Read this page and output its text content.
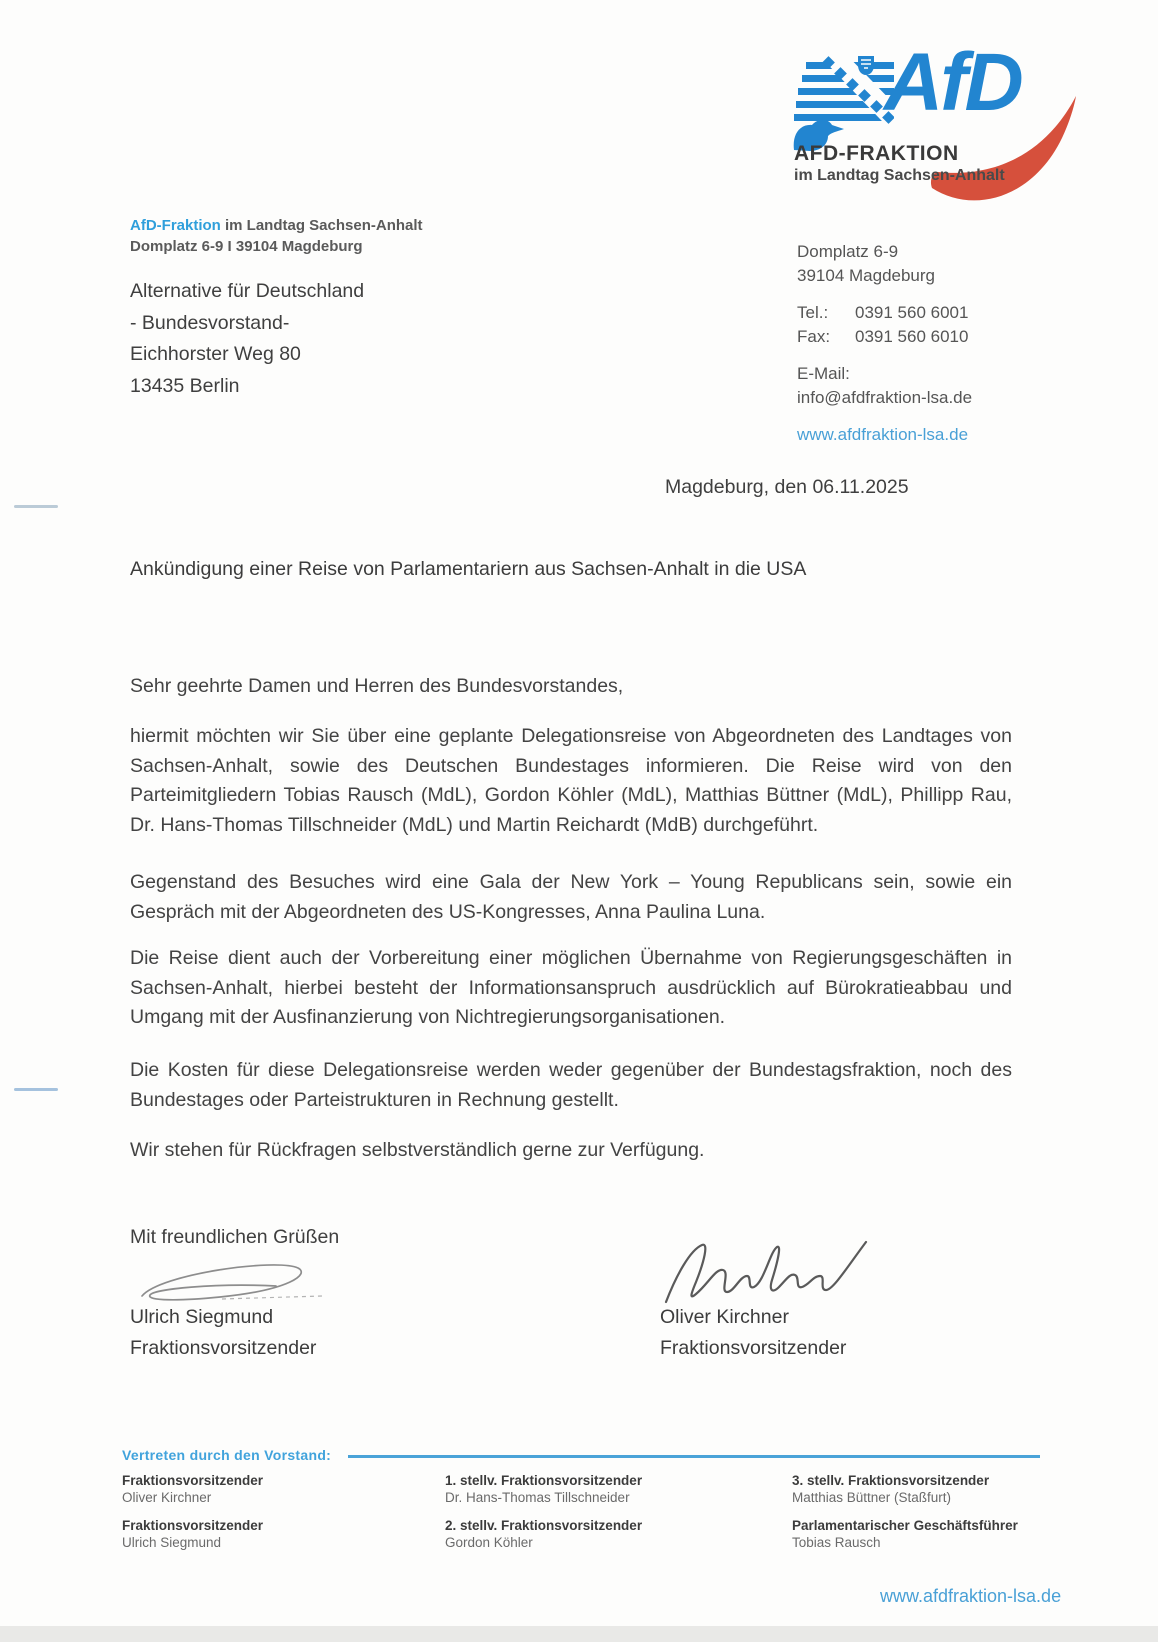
AfD
AFD-FRAKTION
im Landtag Sachsen-Anhalt
AfD-Fraktion im Landtag Sachsen-Anhalt
Domplatz 6-9 I 39104 Magdeburg
Alternative für Deutschland
- Bundesvorstand-
Eichhorster Weg 80
13435 Berlin
Domplatz 6-9
39104 Magdeburg
Tel.:	0391 560 6001
Fax:	0391 560 6010
E-Mail:
info@afdfraktion-lsa.de
www.afdfraktion-lsa.de
Magdeburg, den 06.11.2025
Ankündigung einer Reise von Parlamentariern aus Sachsen-Anhalt in die USA

Sehr geehrte Damen und Herren des Bundesvorstandes,

hiermit möchten wir Sie über eine geplante Delegationsreise von Abgeordneten des Landtages von Sachsen-Anhalt, sowie des Deutschen Bundestages informieren. Die Reise wird von den Parteimitgliedern Tobias Rausch (MdL), Gordon Köhler (MdL), Matthias Büttner (MdL), Phillipp Rau, Dr. Hans-Thomas Tillschneider (MdL) und Martin Reichardt (MdB) durchgeführt.

Gegenstand des Besuches wird eine Gala der New York – Young Republicans sein, sowie ein Gespräch mit der Abgeordneten des US-Kongresses, Anna Paulina Luna.

Die Reise dient auch der Vorbereitung einer möglichen Übernahme von Regierungsgeschäften in Sachsen-Anhalt, hierbei besteht der Informationsanspruch ausdrücklich auf Bürokratieabbau und Umgang mit der Ausfinanzierung von Nichtregierungsorganisationen.

Die Kosten für diese Delegationsreise werden weder gegenüber der Bundestagsfraktion, noch des Bundestages oder Parteistrukturen in Rechnung gestellt.

Wir stehen für Rückfragen selbstverständlich gerne zur Verfügung.

Mit freundlichen Grüßen
Ulrich Siegmund
Fraktionsvorsitzender
Oliver Kirchner
Fraktionsvorsitzender
Vertreten durch den Vorstand:
Fraktionsvorsitzender
Oliver Kirchner
Fraktionsvorsitzender
Ulrich Siegmund
1. stellv. Fraktionsvorsitzender
Dr. Hans-Thomas Tillschneider
2. stellv. Fraktionsvorsitzender
Gordon Köhler
3. stellv. Fraktionsvorsitzender
Matthias Büttner (Staßfurt)
Parlamentarischer Geschäftsführer
Tobias Rausch
www.afdfraktion-lsa.de
